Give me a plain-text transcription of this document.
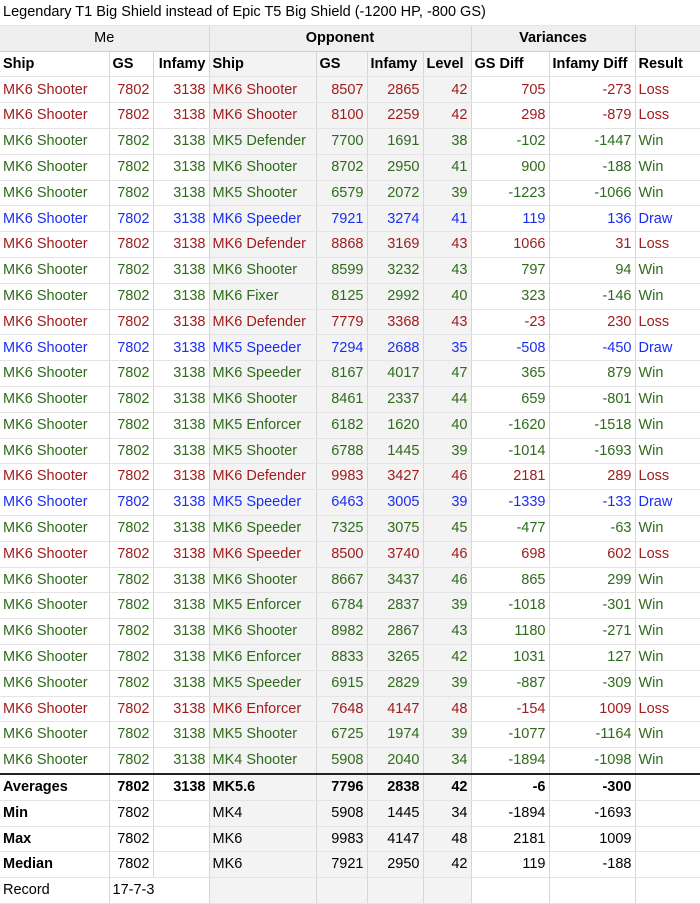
Legendary T1 Big Shield instead of Epic T5 Big Shield (-1200 HP, -800 GS)									
Me			Opponent				Variances		
Ship	GS	Infamy	Ship	GS	Infamy	Level	GS Diff	Infamy Diff	Result
MK6 Shooter	7802	3138	MK6 Shooter	8507	2865	42	705	-273	Loss
MK6 Shooter	7802	3138	MK6 Shooter	8100	2259	42	298	-879	Loss
MK6 Shooter	7802	3138	MK5 Defender	7700	1691	38	-102	-1447	Win
MK6 Shooter	7802	3138	MK6 Shooter	8702	2950	41	900	-188	Win
MK6 Shooter	7802	3138	MK5 Shooter	6579	2072	39	-1223	-1066	Win
MK6 Shooter	7802	3138	MK6 Speeder	7921	3274	41	119	136	Draw
MK6 Shooter	7802	3138	MK6 Defender	8868	3169	43	1066	31	Loss
MK6 Shooter	7802	3138	MK6 Shooter	8599	3232	43	797	94	Win
MK6 Shooter	7802	3138	MK6 Fixer	8125	2992	40	323	-146	Win
MK6 Shooter	7802	3138	MK6 Defender	7779	3368	43	-23	230	Loss
MK6 Shooter	7802	3138	MK5 Speeder	7294	2688	35	-508	-450	Draw
MK6 Shooter	7802	3138	MK6 Speeder	8167	4017	47	365	879	Win
MK6 Shooter	7802	3138	MK6 Shooter	8461	2337	44	659	-801	Win
MK6 Shooter	7802	3138	MK5 Enforcer	6182	1620	40	-1620	-1518	Win
MK6 Shooter	7802	3138	MK5 Shooter	6788	1445	39	-1014	-1693	Win
MK6 Shooter	7802	3138	MK6 Defender	9983	3427	46	2181	289	Loss
MK6 Shooter	7802	3138	MK5 Speeder	6463	3005	39	-1339	-133	Draw
MK6 Shooter	7802	3138	MK6 Speeder	7325	3075	45	-477	-63	Win
MK6 Shooter	7802	3138	MK6 Speeder	8500	3740	46	698	602	Loss
MK6 Shooter	7802	3138	MK6 Shooter	8667	3437	46	865	299	Win
MK6 Shooter	7802	3138	MK5 Enforcer	6784	2837	39	-1018	-301	Win
MK6 Shooter	7802	3138	MK6 Shooter	8982	2867	43	1180	-271	Win
MK6 Shooter	7802	3138	MK6 Enforcer	8833	3265	42	1031	127	Win
MK6 Shooter	7802	3138	MK5 Speeder	6915	2829	39	-887	-309	Win
MK6 Shooter	7802	3138	MK6 Enforcer	7648	4147	48	-154	1009	Loss
MK6 Shooter	7802	3138	MK5 Shooter	6725	1974	39	-1077	-1164	Win
MK6 Shooter	7802	3138	MK4 Shooter	5908	2040	34	-1894	-1098	Win
Averages	7802	3138	MK5.6	7796	2838	42	-6	-300	
Min	7802		MK4	5908	1445	34	-1894	-1693	
Max	7802		MK6	9983	4147	48	2181	1009	
Median	7802		MK6	7921	2950	42	119	-188	
Record	17-7-3								
